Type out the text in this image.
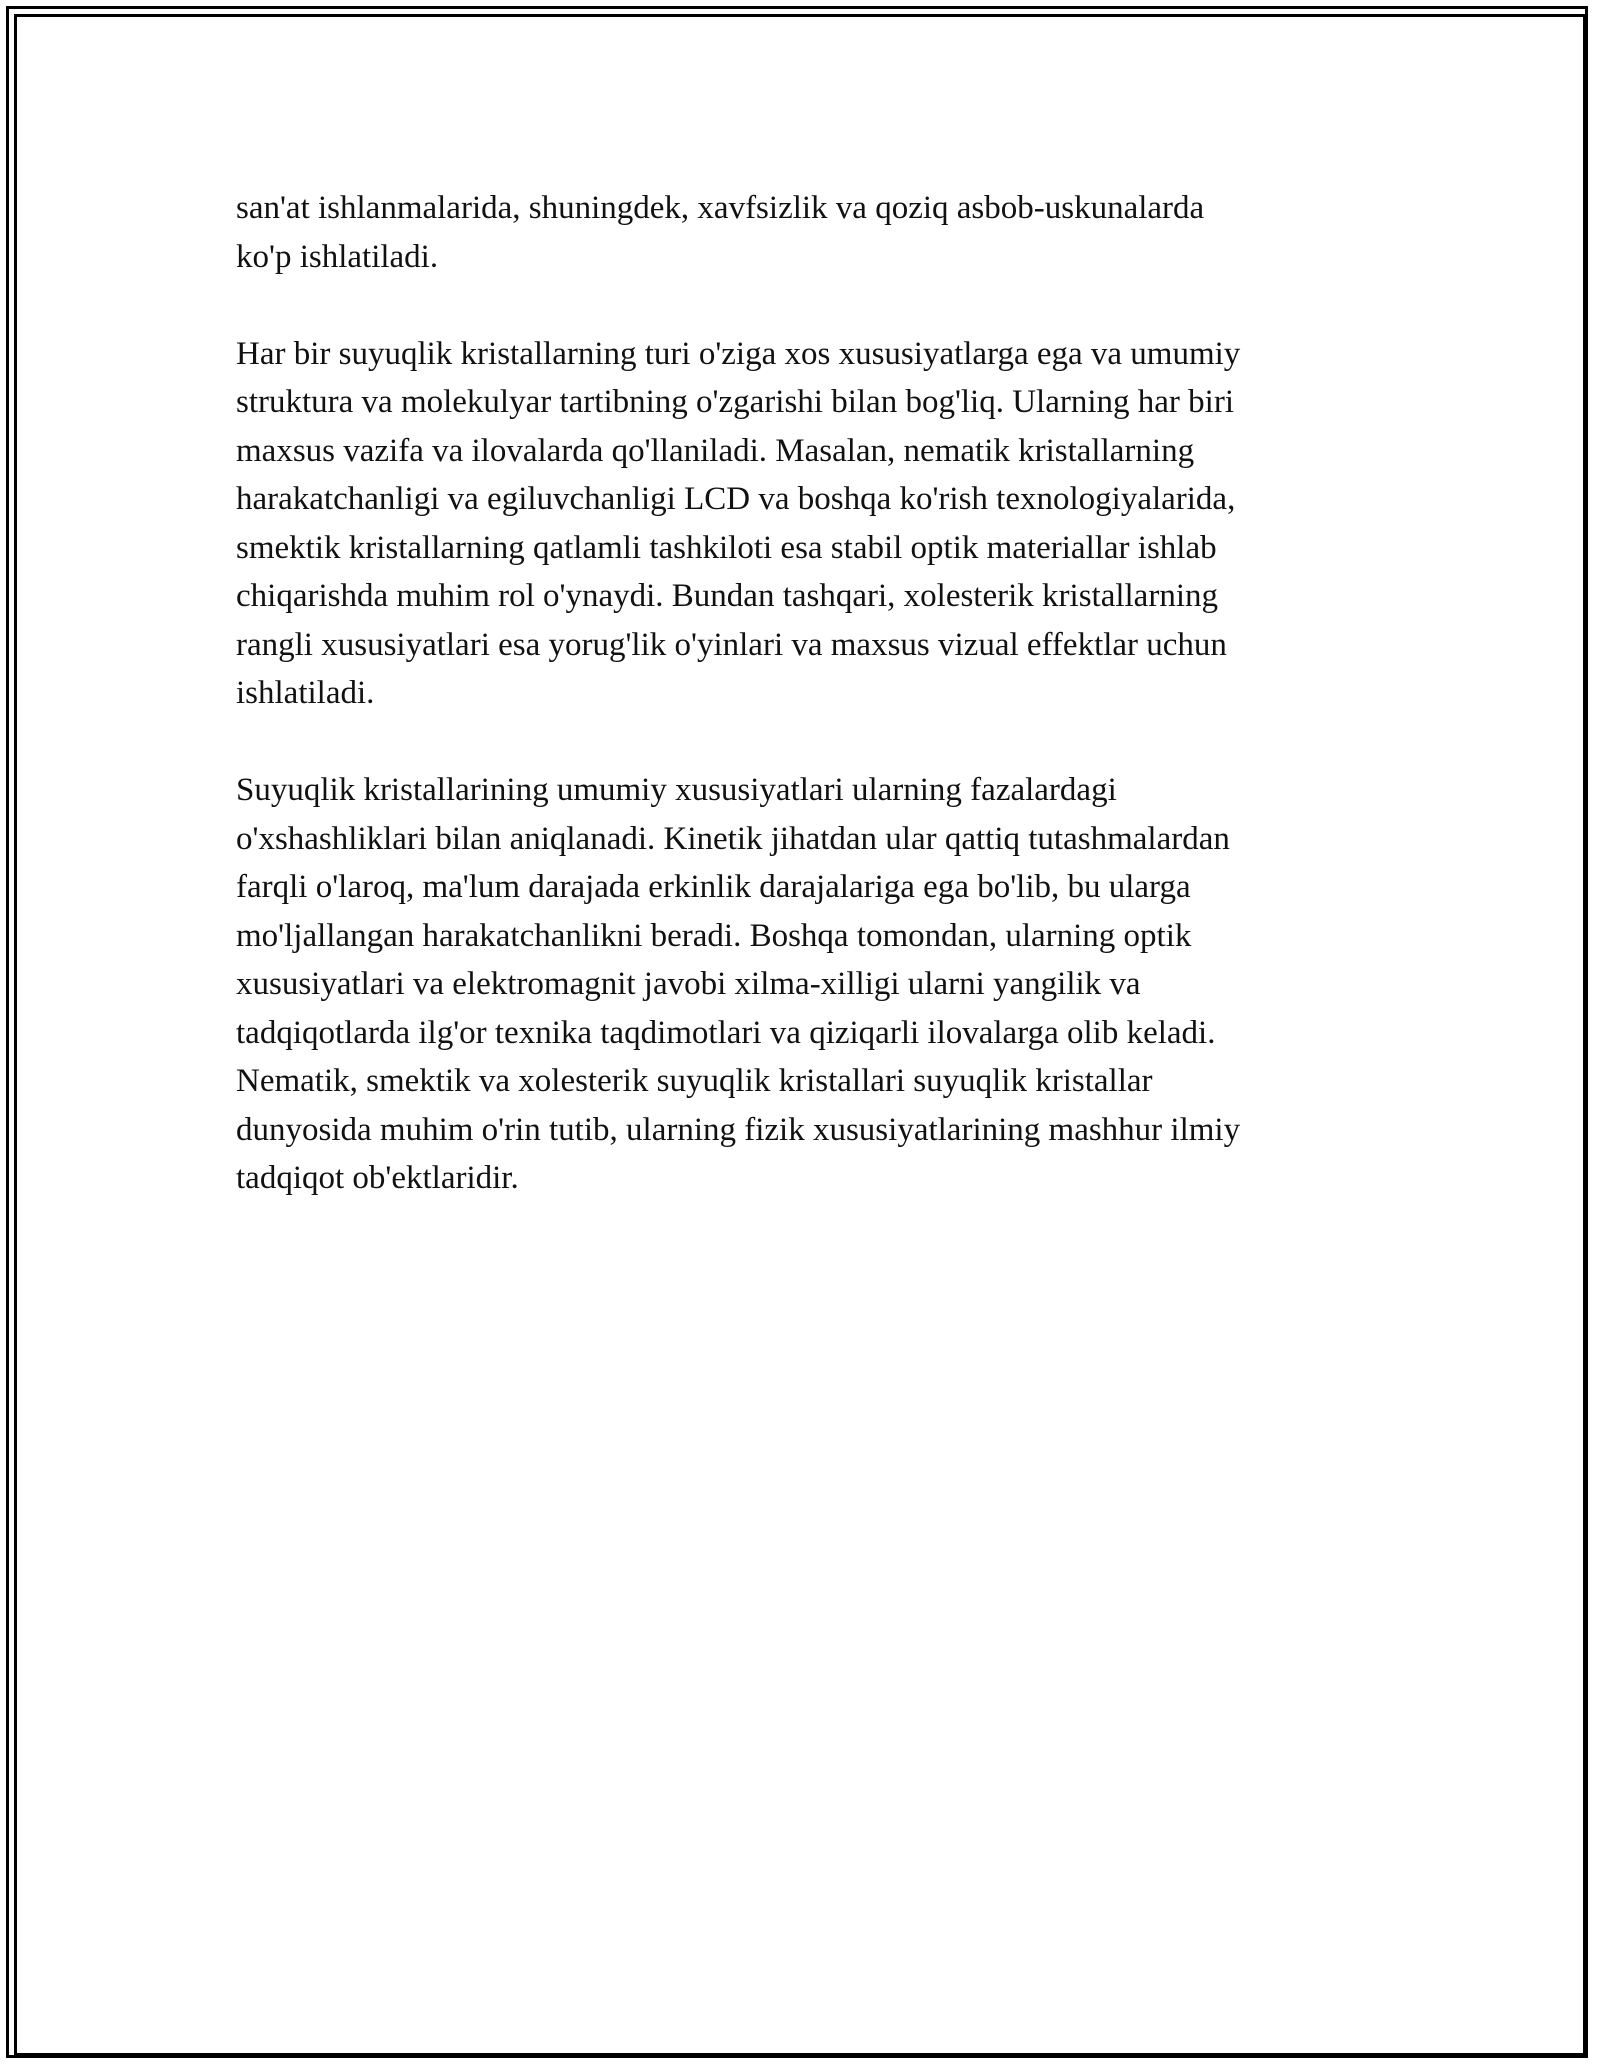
san'at ishlanmalarida, shuningdek, xavfsizlik va qoziq asbob-uskunalarda
ko'p ishlatiladi.

Har bir suyuqlik kristallarning turi o'ziga xos xususiyatlarga ega va umumiy
struktura va molekulyar tartibning o'zgarishi bilan bog'liq. Ularning har biri
maxsus vazifa va ilovalarda qo'llaniladi. Masalan, nematik kristallarning
harakatchanligi va egiluvchanligi LCD va boshqa ko'rish texnologiyalarida,
smektik kristallarning qatlamli tashkiloti esa stabil optik materiallar ishlab
chiqarishda muhim rol o'ynaydi. Bundan tashqari, xolesterik kristallarning
rangli xususiyatlari esa yorug'lik o'yinlari va maxsus vizual effektlar uchun
ishlatiladi.

Suyuqlik kristallarining umumiy xususiyatlari ularning fazalardagi
o'xshashliklari bilan aniqlanadi. Kinetik jihatdan ular qattiq tutashmalardan
farqli o'laroq, ma'lum darajada erkinlik darajalariga ega bo'lib, bu ularga
mo'ljallangan harakatchanlikni beradi. Boshqa tomondan, ularning optik
xususiyatlari va elektromagnit javobi xilma-xilligi ularni yangilik va
tadqiqotlarda ilg'or texnika taqdimotlari va qiziqarli ilovalarga olib keladi.
Nematik, smektik va xolesterik suyuqlik kristallari suyuqlik kristallar
dunyosida muhim o'rin tutib, ularning fizik xususiyatlarining mashhur ilmiy
tadqiqot ob'ektlaridir.
